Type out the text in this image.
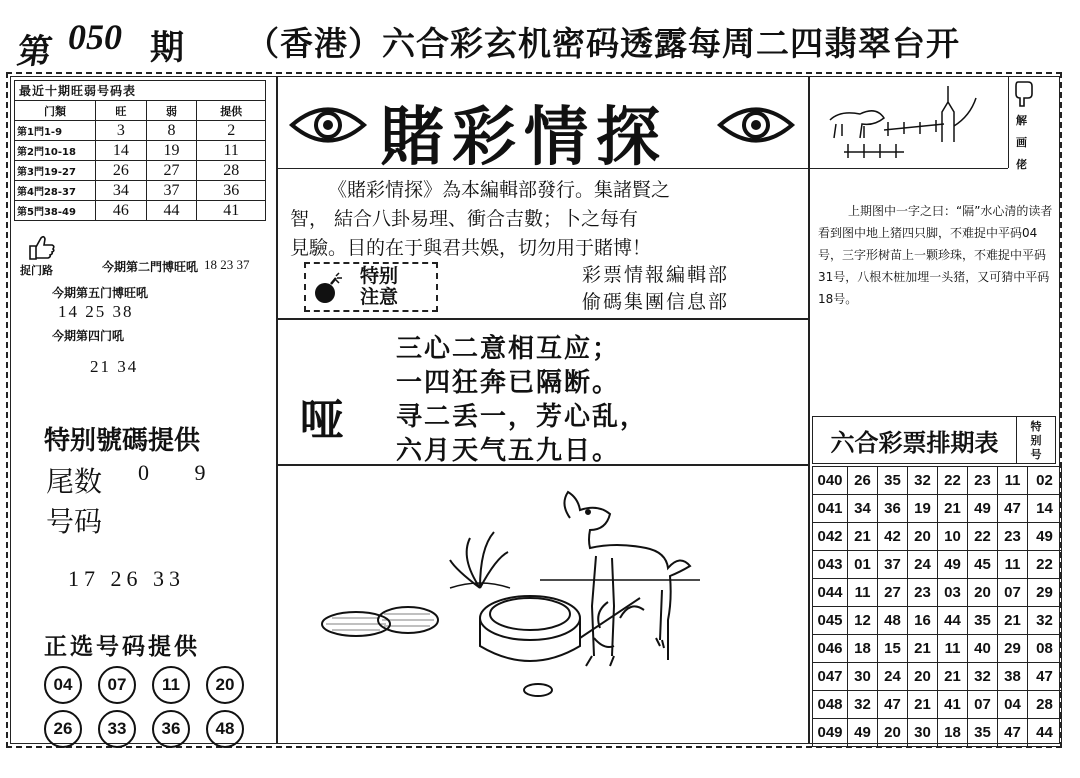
第 050 期 （香港）六合彩玄机密码透露每周二四翡翠台开
最近十期旺弱号码表			
门類	旺	弱	提供
第1門1-9	3	8	2
第2門10-18	14	19	11
第3門19-27	26	27	28
第4門28-37	34	37	36
第5門38-49	46	44	41
捉门路	今期第二門博旺吼 18 23 37
今期第五门博旺吼
14 25 38
今期第四门吼
21 34
特别號碼提供
尾数 0 9
号码
17 26 33
正选号码提供
04	07	11	20
26	33	36	48
賭彩情探
《賭彩情探》為本編輯部發行。集諸賢之
智， 結合八卦易理、衝合吉數；卜之每有
見驗。目的在于與君共娛，切勿用于賭博！
特别
注意
彩票情報編輯部
偷碼集團信息部
哑
三心二意相互应；
一四狂奔已隔断。
寻二丢一，芳心乱，
六月天气五九日。
解
画
佬
上期图中一字之曰：“隔”水心清的读者看到图中地上猪四只脚，不难捉中平码04号，三字形树苗上一颗珍珠，不难捉中平码31号，八根木桩加埋一头猪，又可猜中平码18号。
六合彩票排期表
特
别
号
040	26	35	32	22	23	11	02
041	34	36	19	21	49	47	14
042	21	42	20	10	22	23	49
043	01	37	24	49	45	11	22
044	11	27	23	03	20	07	29
045	12	48	16	44	35	21	32
046	18	15	21	11	40	29	08
047	30	24	20	21	32	38	47
048	32	47	21	41	07	04	28
049	49	20	30	18	35	47	44
